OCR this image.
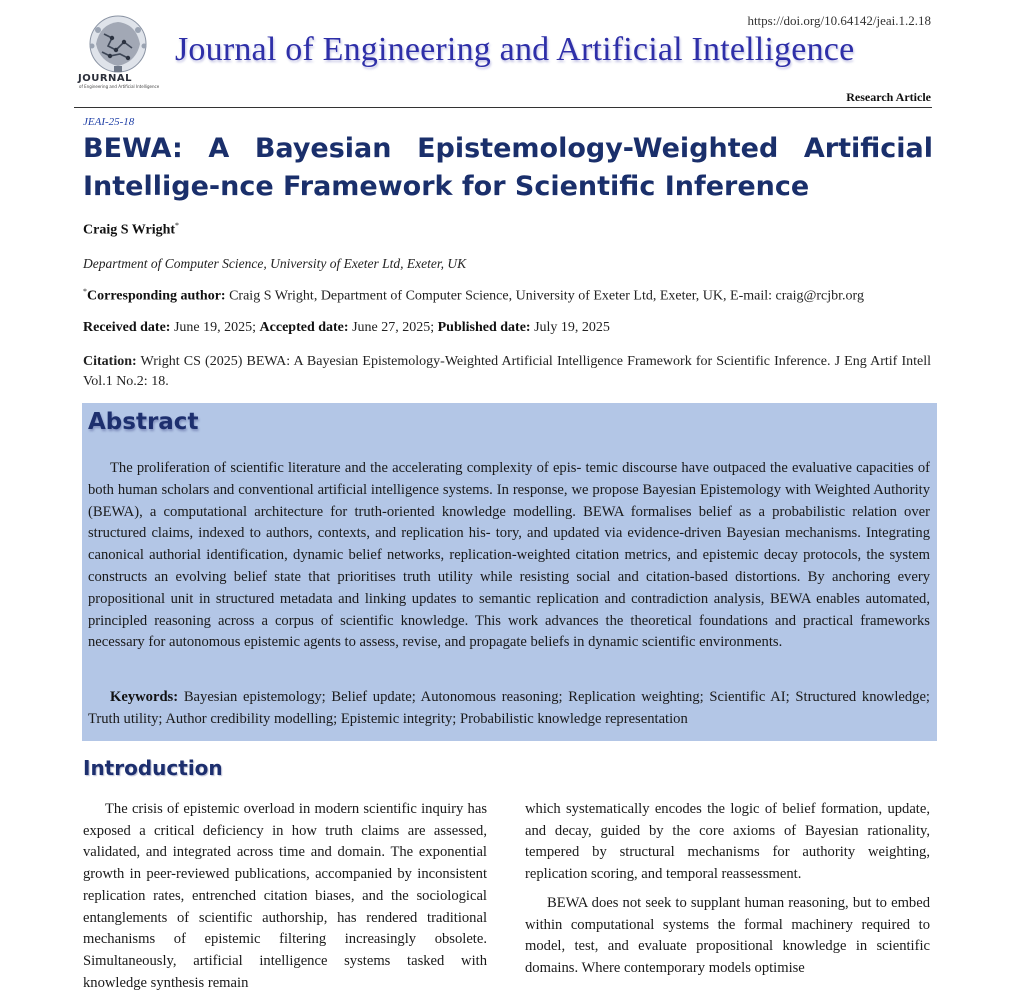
JOURNAL
of Engineering and Artificial Intelligence
https://doi.org/10.64142/jeai.1.2.18
Journal of Engineering and Artificial Intelligence
Research Article
JEAI-25-18
BEWA: A Bayesian Epistemology-Weighted Artificial Intellige-nce Framework for Scientific Inference
Craig S Wright*
Department of Computer Science, University of Exeter Ltd, Exeter, UK
*Corresponding author: Craig S Wright, Department of Computer Science, University of Exeter Ltd, Exeter, UK, E-mail: craig@rcjbr.org
Received date: June 19, 2025; Accepted date: June 27, 2025; Published date: July 19, 2025
Citation: Wright CS (2025) BEWA: A Bayesian Epistemology-Weighted Artificial Intelligence Framework for Scientific Inference. J Eng Artif Intell Vol.1 No.2: 18.
Abstract

The proliferation of scientific literature and the accelerating complexity of epis- temic discourse have outpaced the evaluative capacities of both human scholars and conventional artificial intelligence systems. In response, we propose Bayesian Epistemology with Weighted Authority (BEWA), a computational architecture for truth-oriented knowledge modelling. BEWA formalises belief as a probabilistic relation over structured claims, indexed to authors, contexts, and replication his- tory, and updated via evidence-driven Bayesian mechanisms. Integrating canonical authorial identification, dynamic belief networks, replication-weighted citation metrics, and epistemic decay protocols, the system constructs an evolving belief state that prioritises truth utility while resisting social and citation-based distortions. By anchoring every propositional unit in structured metadata and linking updates to semantic replication and contradiction analysis, BEWA enables automated, principled reasoning across a corpus of scientific knowledge. This work advances the theoretical foundations and practical frameworks necessary for autonomous epistemic agents to assess, revise, and propagate beliefs in dynamic scientific environments.

Keywords: Bayesian epistemology; Belief update; Autonomous reasoning; Replication weighting; Scientific AI; Structured knowledge; Truth utility; Author credibility modelling; Epistemic integrity; Probabilistic knowledge representation

Introduction

The crisis of epistemic overload in modern scientific inquiry has exposed a critical deficiency in how truth claims are assessed, validated, and integrated across time and domain. The exponential growth in peer-reviewed publications, accompanied by inconsistent replication rates, entrenched citation biases, and the sociological entanglements of scientific authorship, has rendered traditional mechanisms of epistemic filtering increasingly obsolete. Simultaneously, artificial intelligence systems tasked with knowledge synthesis remain

which systematically encodes the logic of belief formation, update, and decay, guided by the core axioms of Bayesian rationality, tempered by structural mechanisms for authority weighting, replication scoring, and temporal reassessment.

BEWA does not seek to supplant human reasoning, but to embed within computational systems the formal machinery required to model, test, and evaluate propositional knowledge in scientific domains. Where contemporary models optimise
